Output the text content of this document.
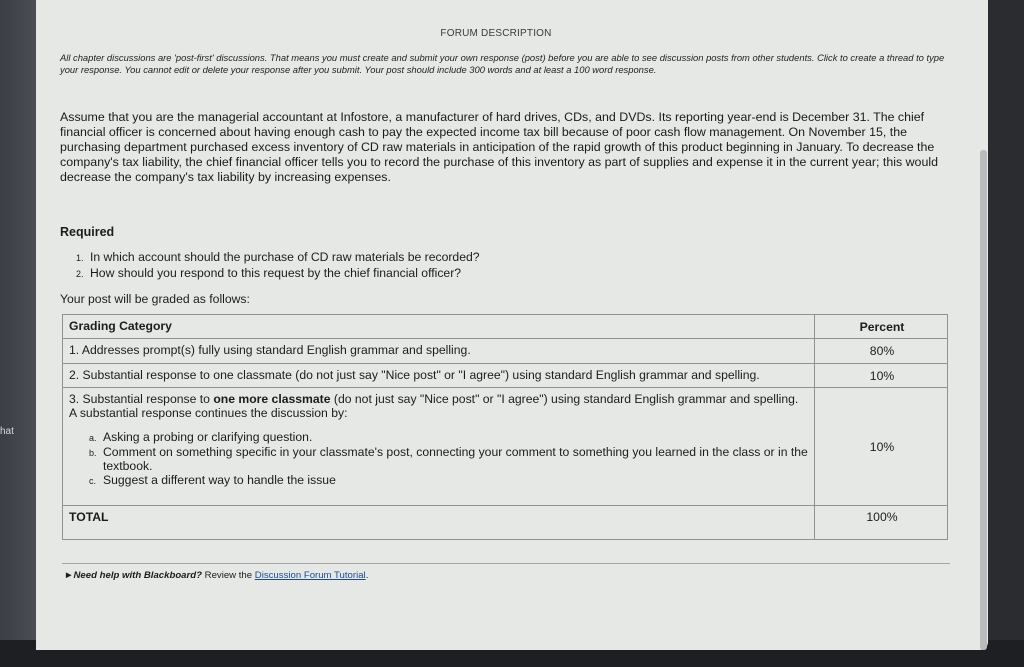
hat
FORUM DESCRIPTION
All chapter discussions are 'post-first' discussions. That means you must create and submit your own response (post) before you are able to see discussion posts from other students. Click to create a thread to type your response. You cannot edit or delete your response after you submit. Your post should include 300 words and at least a 100 word response.
Assume that you are the managerial accountant at Infostore, a manufacturer of hard drives, CDs, and DVDs. Its reporting year-end is December 31. The chief financial officer is concerned about having enough cash to pay the expected income tax bill because of poor cash flow management. On November 15, the purchasing department purchased excess inventory of CD raw materials in anticipation of the rapid growth of this product beginning in January. To decrease the company's tax liability, the chief financial officer tells you to record the purchase of this inventory as part of supplies and expense it in the current year; this would decrease the company's tax liability by increasing expenses.
Required
1. In which account should the purchase of CD raw materials be recorded?
2. How should you respond to this request by the chief financial officer?
Your post will be graded as follows:
Grading Category	Percent
1. Addresses prompt(s) fully using standard English grammar and spelling.	80%
2. Substantial response to one classmate (do not just say "Nice post" or "I agree") using standard English grammar and spelling.	10%
3. Substantial response to one more classmate (do not just say "Nice post" or "I agree") using standard English grammar and spelling. A substantial response continues the discussion by:
a. Asking a probing or clarifying question.
b. Comment on something specific in your classmate's post, connecting your comment to something you learned in the class or in the textbook.
c. Suggest a different way to handle the issue
10%
TOTAL	100%
►Need help with Blackboard? Review the Discussion Forum Tutorial.
